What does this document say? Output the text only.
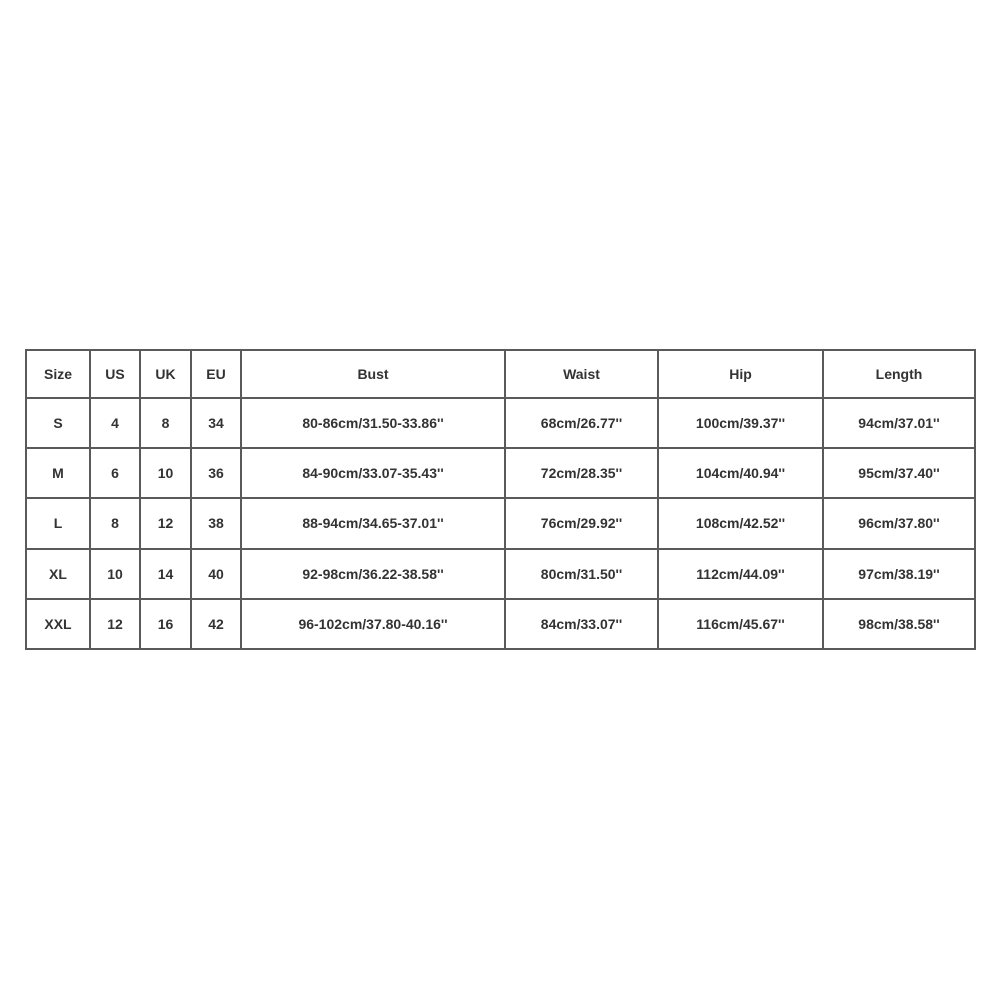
Size	US	UK	EU	Bust	Waist	Hip	Length
S	4	8	34	80-86cm/31.50-33.86''	68cm/26.77''	100cm/39.37''	94cm/37.01''
M	6	10	36	84-90cm/33.07-35.43''	72cm/28.35''	104cm/40.94''	95cm/37.40''
L	8	12	38	88-94cm/34.65-37.01''	76cm/29.92''	108cm/42.52''	96cm/37.80''
XL	10	14	40	92-98cm/36.22-38.58''	80cm/31.50''	112cm/44.09''	97cm/38.19''
XXL	12	16	42	96-102cm/37.80-40.16''	84cm/33.07''	116cm/45.67''	98cm/38.58''
